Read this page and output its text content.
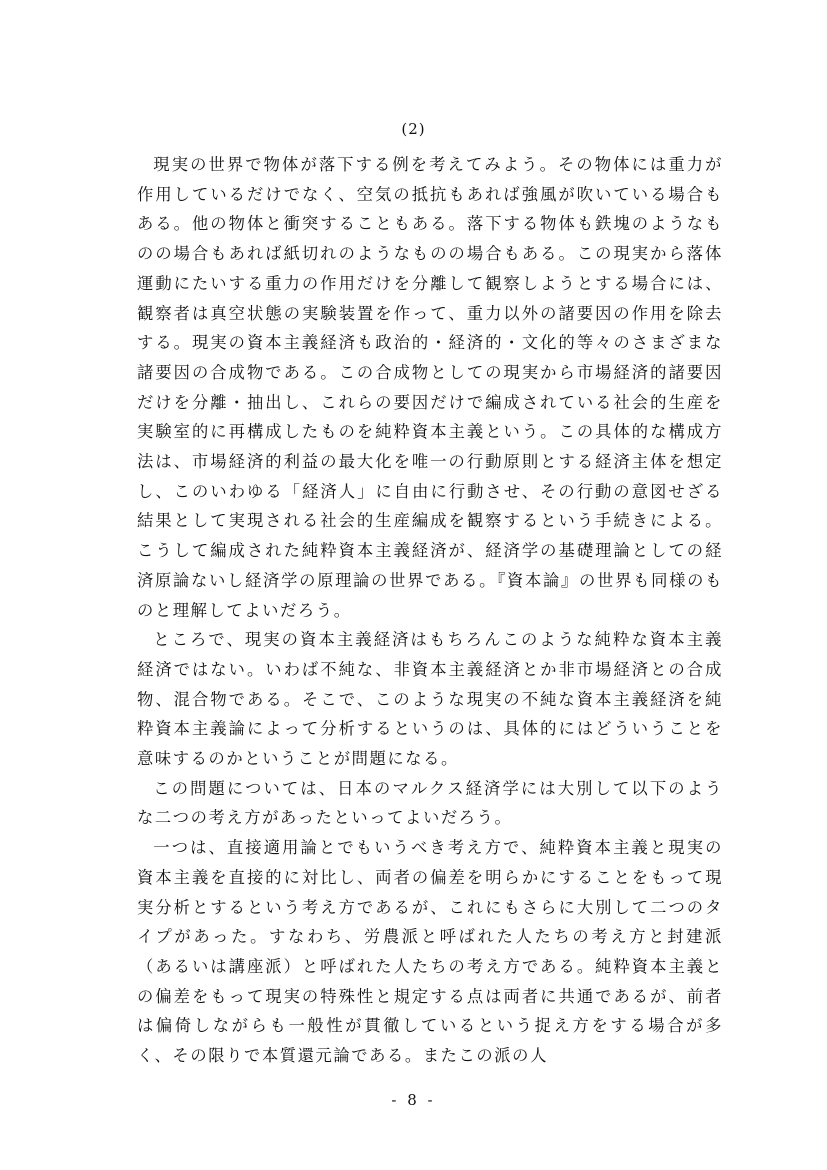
(2)

現実の世界で物体が落下する例を考えてみよう。その物体には重力が作用しているだけでなく、空気の抵抗もあれば強風が吹いている場合もある。他の物体と衝突することもある。落下する物体も鉄塊のようなものの場合もあれば紙切れのようなものの場合もある。この現実から落体運動にたいする重力の作用だけを分離して観察しようとする場合には、観察者は真空状態の実験装置を作って、重力以外の諸要因の作用を除去する。現実の資本主義経済も政治的・経済的・文化的等々のさまざまな諸要因の合成物である。この合成物としての現実から市場経済的諸要因だけを分離・抽出し、これらの要因だけで編成されている社会的生産を実験室的に再構成したものを純粋資本主義という。この具体的な構成方法は、市場経済的利益の最大化を唯一の行動原則とする経済主体を想定し、このいわゆる「経済人」に自由に行動させ、その行動の意図せざる結果として実現される社会的生産編成を観察するという手続きによる。こうして編成された純粋資本主義経済が、経済学の基礎理論としての経済原論ないし経済学の原理論の世界である。『資本論』の世界も同様のものと理解してよいだろう。

ところで、現実の資本主義経済はもちろんこのような純粋な資本主義経済ではない。いわば不純な、非資本主義経済とか非市場経済との合成物、混合物である。そこで、このような現実の不純な資本主義経済を純粋資本主義論によって分析するというのは、具体的にはどういうことを意味するのかということが問題になる。

この問題については、日本のマルクス経済学には大別して以下のような二つの考え方があったといってよいだろう。

一つは、直接適用論とでもいうべき考え方で、純粋資本主義と現実の資本主義を直接的に対比し、両者の偏差を明らかにすることをもって現実分析とするという考え方であるが、これにもさらに大別して二つのタイプがあった。すなわち、労農派と呼ばれた人たちの考え方と封建派（あるいは講座派）と呼ばれた人たちの考え方である。純粋資本主義との偏差をもって現実の特殊性と規定する点は両者に共通であるが、前者は偏倚しながらも一般性が貫徹しているという捉え方をする場合が多く、その限りで本質還元論である。またこの派の人

- 8 -
